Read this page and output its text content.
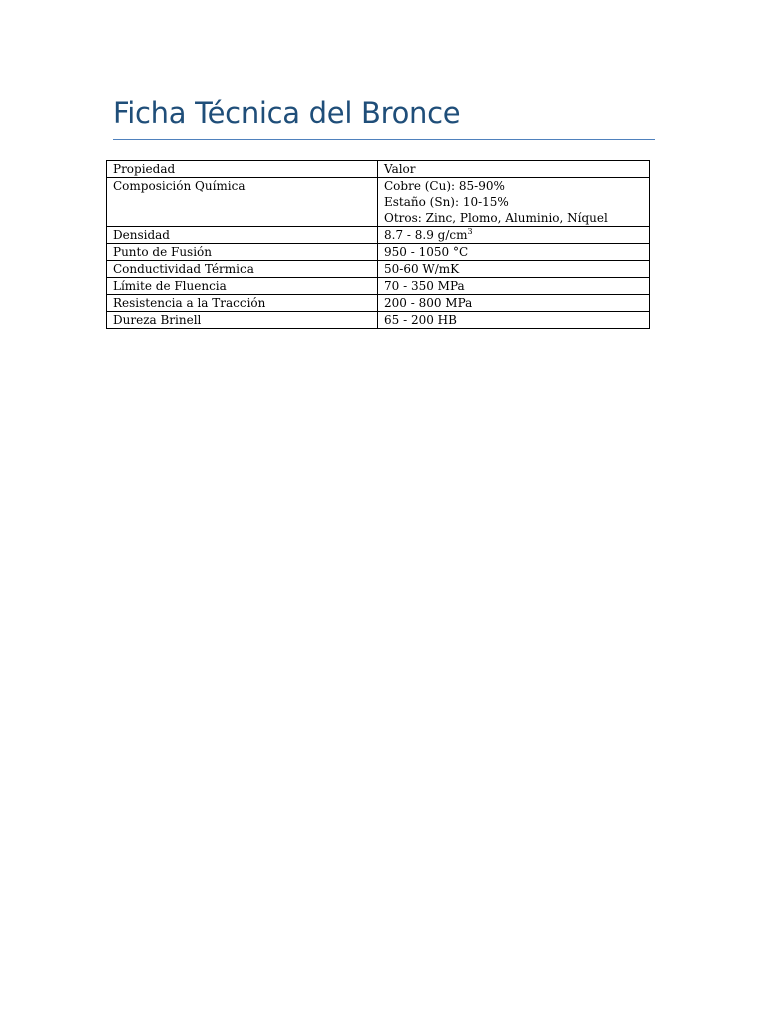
Ficha Técnica del Bronce
Propiedad	Valor
Composición Química	Cobre (Cu): 85-90%
Estaño (Sn): 10-15%
Otros: Zinc, Plomo, Aluminio, Níquel

Densidad	8.7 - 8.9 $g/cm^3$
Punto de Fusión	950 - 1050 °C
Conductividad Térmica	50-60 W/mK
Límite de Fluencia	70 - 350 MPa
Resistencia a la Tracción	200 - 800 MPa
Dureza Brinell	65 - 200 HB
